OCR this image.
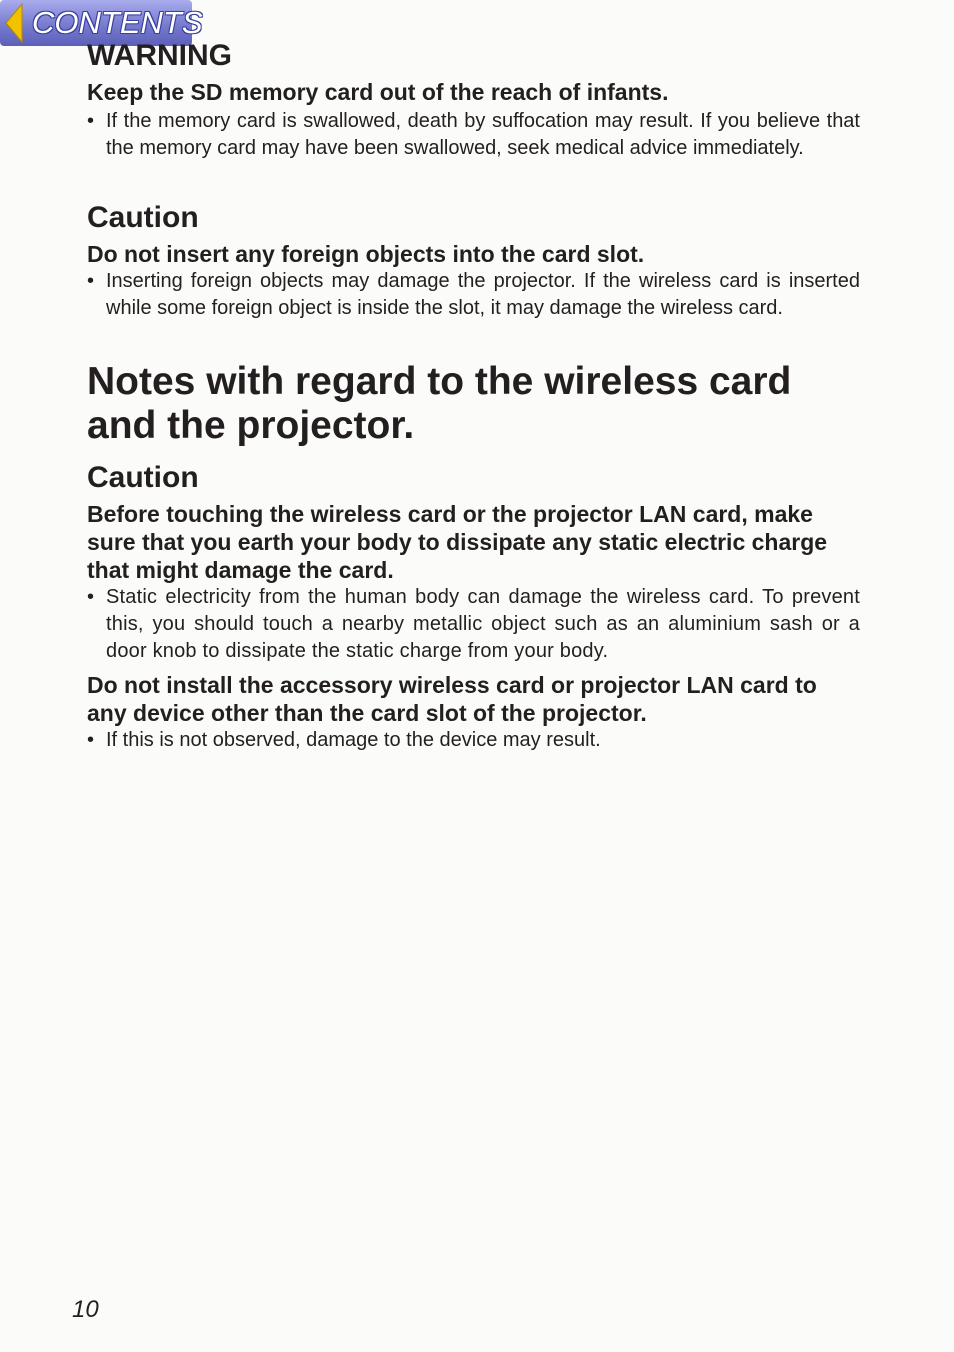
CONTENTS
WARNING

Keep the SD memory card out of the reach of infants.

• If the memory card is swallowed, death by suffocation may result. If you believe that the memory card may have been swallowed, seek medical advice immediately.
Caution

Do not insert any foreign objects into the card slot.

• Inserting foreign objects may damage the projector. If the wireless card is inserted while some foreign object is inside the slot, it may damage the wireless card.
Notes with regard to the wireless card
and the projector.
Caution

Before touching the wireless card or the projector LAN card, make sure that you earth your body to dissipate any static electric charge that might damage the card.

• Static electricity from the human body can damage the wireless card. To prevent this, you should touch a nearby metallic object such as an aluminium sash or a door knob to dissipate the static charge from your body.

Do not install the accessory wireless card or projector LAN card to any device other than the card slot of the projector.

• If this is not observed, damage to the device may result.
10
